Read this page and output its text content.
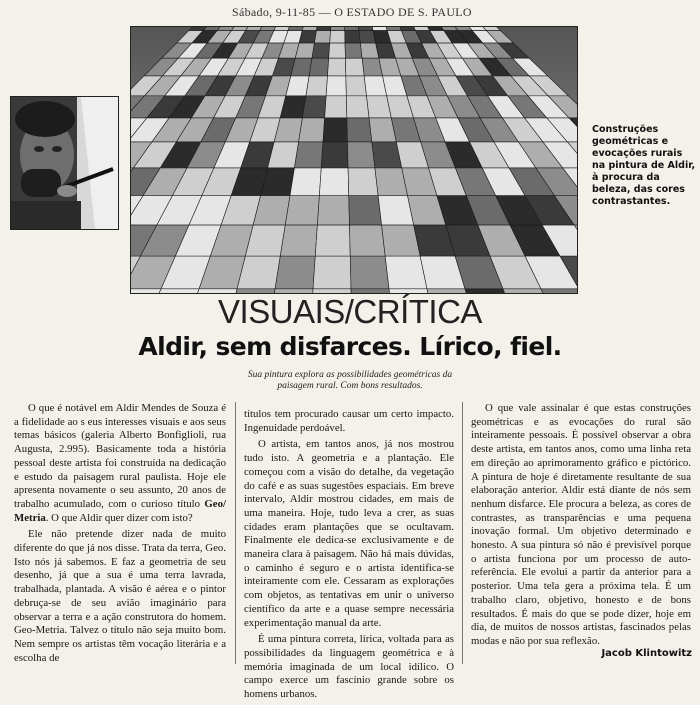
Sábado, 9-11-85 — O ESTADO DE S. PAULO
Construções geométricas e evocações rurais na pintura de Aldir, à procura da beleza, das cores contrastantes.
VISUAIS/CRÍTICA
Aldir, sem disfarces. Lírico, fiel.
Sua pintura explora as possibilidades geométricas da paisagem rural. Com bons resultados.

O que é notável em Aldir Mendes de Souza é a fidelidade ao s eus interesses visuais e aos seus temas básicos (galeria Alberto Bonfiglioli, rua Augusta, 2.995). Basicamente toda a história pessoal deste artista foi construída na dedicação e estudo da paisagem rural paulista. Hoje ele apresenta novamente o seu assunto, 20 anos de trabalho acumulado, com o curioso título Geo/ Metria. O que Aldir quer dizer com isto?

Ele não pretende dizer nada de muito diferente do que já nos disse. Trata da terra, Geo. Isto nós já sabemos. E faz a geometria de seu desenho, já que a sua é uma terra lavrada, trabalhada, plantada. A visão é aérea e o pintor debruça-se de seu avião imaginário para observar a terra e a ação construtora do homem. Geo-Metria. Talvez o título não seja muito bom. Nem sempre os artistas têm vocação literária e a escolha de

títulos tem procurado causar um certo impacto. Ingenuidade perdoável.

O artista, em tantos anos, já nos mostrou tudo isto. A geometria e a plantação. Ele começou com a visão do detalhe, da vegetação do café e as suas sugestões espaciais. Em breve intervalo, Aldir mostrou cidades, em mais de uma maneira. Hoje, tudo leva a crer, as suas cidades eram plantações que se ocultavam. Finalmente ele dedica-se exclusivamente e de maneira clara à paisagem. Não há mais dúvidas, o caminho é seguro e o artista identifica-se inteiramente com ele. Cessaram as explorações com objetos, as tentativas em unir o universo científico da arte e a quase sempre necessária experimentação manual da arte.

É uma pintura correta, lírica, voltada para as possibilidades da linguagem geométrica e à memória imaginada de um local idílico. O campo exerce um fascínio grande sobre os homens urbanos.

O que vale assinalar é que estas construções geométricas e as evocações do rural são inteiramente pessoais. É possível observar a obra deste artista, em tantos anos, como uma linha reta em direção ao aprimoramento gráfico e pictórico. A pintura de hoje é diretamente resultante de sua elaboração anterior. Aldir está diante de nós sem nenhum disfarce. Ele procura a beleza, as cores de contrastes, as transparências e uma pequena inovação formal. Um objetivo determinado e honesto. A sua pintura só não é previsível porque o artista funciona por um processo de auto-referência. Ele evolui a partir da anterior para a posterior. Uma tela gera a próxima tela. É um trabalho claro, objetivo, honesto e de bons resultados. É mais do que se pode dizer, hoje em dia, de muitos de nossos artistas, fascinados pelas modas e não por sua reflexão.

Jacob Klintowitz
